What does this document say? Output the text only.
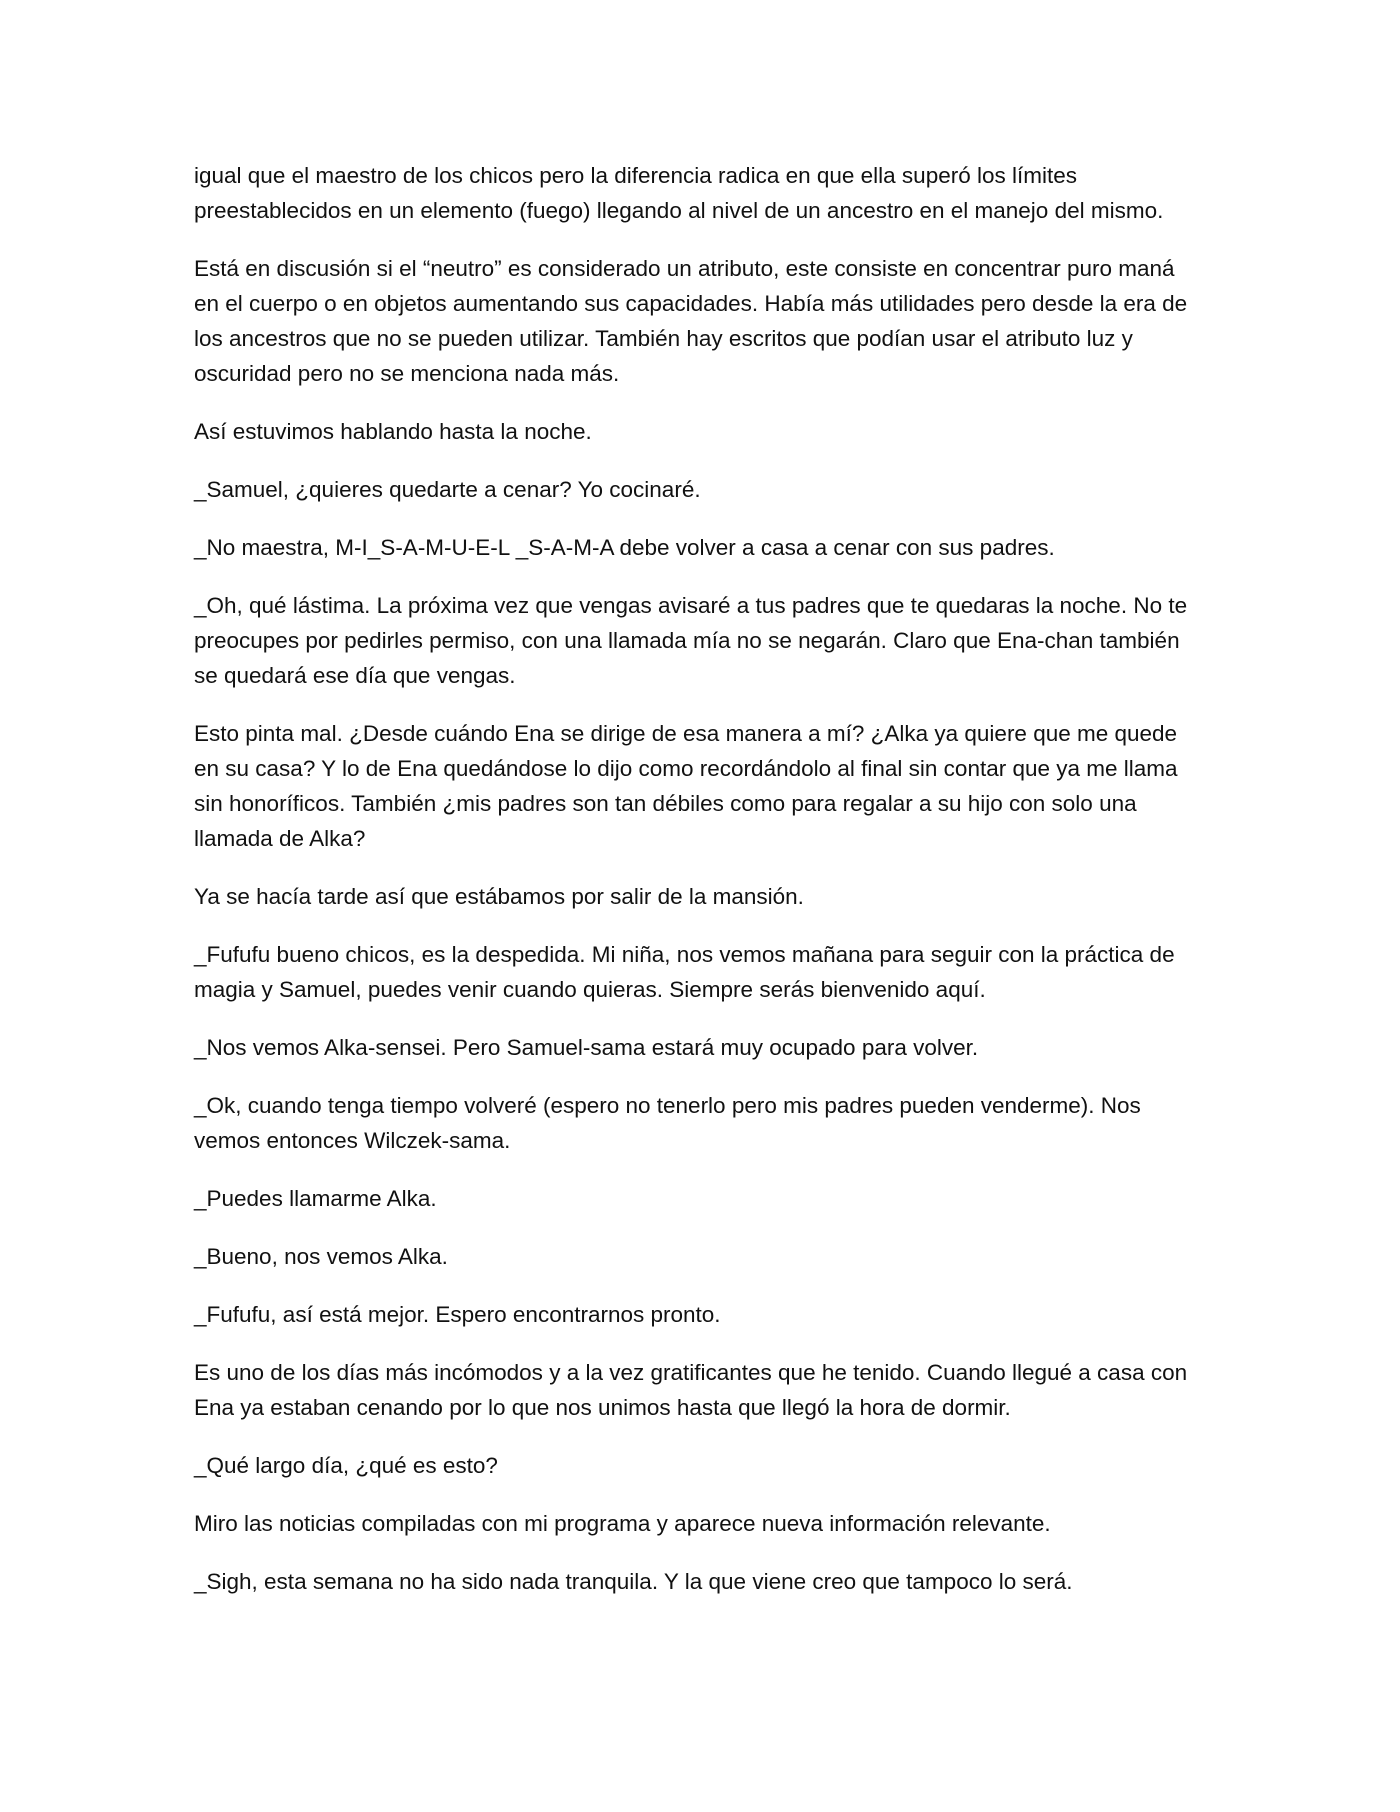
igual que el maestro de los chicos pero la diferencia radica en que ella superó los límites preestablecidos en un elemento (fuego) llegando al nivel de un ancestro en el manejo del mismo.

Está en discusión si el “neutro” es considerado un atributo, este consiste en concentrar puro maná en el cuerpo o en objetos aumentando sus capacidades. Había más utilidades pero desde la era de los ancestros que no se pueden utilizar. También hay escritos que podían usar el atributo luz y oscuridad pero no se menciona nada más.

Así estuvimos hablando hasta la noche.

_Samuel, ¿quieres quedarte a cenar? Yo cocinaré.

_No maestra, M-I_S-A-M-U-E-L _S-A-M-A debe volver a casa a cenar con sus padres.

_Oh, qué lástima. La próxima vez que vengas avisaré a tus padres que te quedaras la noche. No te preocupes por pedirles permiso, con una llamada mía no se negarán. Claro que Ena-chan también se quedará ese día que vengas.

Esto pinta mal. ¿Desde cuándo Ena se dirige de esa manera a mí? ¿Alka ya quiere que me quede en su casa? Y lo de Ena quedándose lo dijo como recordándolo al final sin contar que ya me llama sin honoríficos. También ¿mis padres son tan débiles como para regalar a su hijo con solo una llamada de Alka?

Ya se hacía tarde así que estábamos por salir de la mansión.

_Fufufu bueno chicos, es la despedida. Mi niña, nos vemos mañana para seguir con la práctica de magia y Samuel, puedes venir cuando quieras. Siempre serás bienvenido aquí.

_Nos vemos Alka-sensei. Pero Samuel-sama estará muy ocupado para volver.

_Ok, cuando tenga tiempo volveré (espero no tenerlo pero mis padres pueden venderme). Nos vemos entonces Wilczek-sama.

_Puedes llamarme Alka.

_Bueno, nos vemos Alka.

_Fufufu, así está mejor. Espero encontrarnos pronto.

Es uno de los días más incómodos y a la vez gratificantes que he tenido. Cuando llegué a casa con Ena ya estaban cenando por lo que nos unimos hasta que llegó la hora de dormir.

_Qué largo día, ¿qué es esto?

Miro las noticias compiladas con mi programa y aparece nueva información relevante.

_Sigh, esta semana no ha sido nada tranquila. Y la que viene creo que tampoco lo será.
